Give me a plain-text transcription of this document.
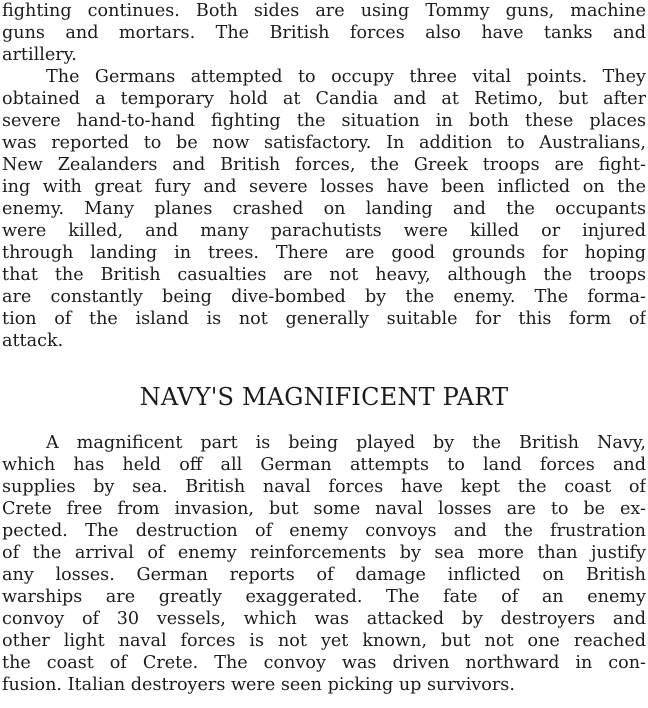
fighting continues. Both sides are using Tommy guns, machine
guns and mortars. The British forces also have tanks and
artillery.
The Germans attempted to occupy three vital points. They
obtained a temporary hold at Candia and at Retimo, but after
severe hand-to-hand fighting the situation in both these places
was reported to be now satisfactory. In addition to Australians,
New Zealanders and British forces, the Greek troops are fight-
ing with great fury and severe losses have been inflicted on the
enemy. Many planes crashed on landing and the occupants
were killed, and many parachutists were killed or injured
through landing in trees. There are good grounds for hoping
that the British casualties are not heavy, although the troops
are constantly being dive-bombed by the enemy. The forma-
tion of the island is not generally suitable for this form of
attack.
NAVY'S MAGNIFICENT PART
A magnificent part is being played by the British Navy,
which has held off all German attempts to land forces and
supplies by sea. British naval forces have kept the coast of
Crete free from invasion, but some naval losses are to be ex-
pected. The destruction of enemy convoys and the frustration
of the arrival of enemy reinforcements by sea more than justify
any losses. German reports of damage inflicted on British
warships are greatly exaggerated. The fate of an enemy
convoy of 30 vessels, which was attacked by destroyers and
other light naval forces is not yet known, but not one reached
the coast of Crete. The convoy was driven northward in con-
fusion. Italian destroyers were seen picking up survivors.
